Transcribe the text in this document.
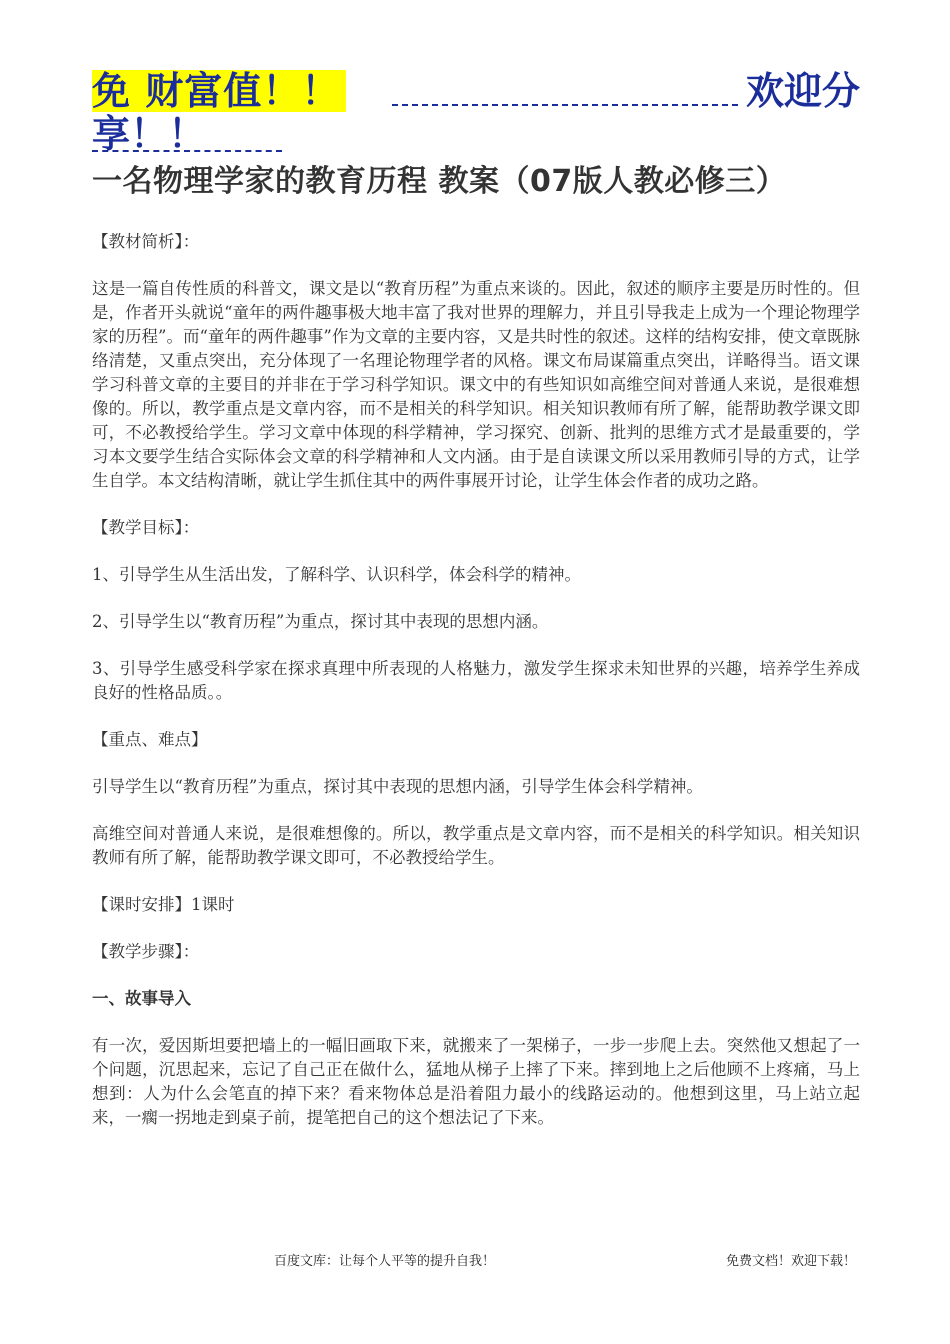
免 财富值！！	欢迎分
享！！
一名物理学家的教育历程 教案（07版人教必修三）

【教材简析】：

这是一篇自传性质的科普文，课文是以“教育历程”为重点来谈的。因此，叙述的顺序主要是历时性的。但是，作者开头就说“童年的两件趣事极大地丰富了我对世界的理解力，并且引导我走上成为一个理论物理学家的历程”。而“童年的两件趣事”作为文章的主要内容，又是共时性的叙述。这样的结构安排，使文章既脉络清楚，又重点突出，充分体现了一名理论物理学者的风格。课文布局谋篇重点突出，详略得当。语文课学习科普文章的主要目的并非在于学习科学知识。课文中的有些知识如高维空间对普通人来说，是很难想像的。所以，教学重点是文章内容，而不是相关的科学知识。相关知识教师有所了解，能帮助教学课文即可，不必教授给学生。学习文章中体现的科学精神，学习探究、创新、批判的思维方式才是最重要的，学习本文要学生结合实际体会文章的科学精神和人文内涵。由于是自读课文所以采用教师引导的方式，让学生自学。本文结构清晰，就让学生抓住其中的两件事展开讨论，让学生体会作者的成功之路。

【教学目标】：

1、引导学生从生活出发，了解科学、认识科学，体会科学的精神。

2、引导学生以“教育历程”为重点，探讨其中表现的思想内涵。

3、引导学生感受科学家在探求真理中所表现的人格魅力，激发学生探求未知世界的兴趣，培养学生养成良好的性格品质。。

【重点、难点】

引导学生以“教育历程”为重点，探讨其中表现的思想内涵，引导学生体会科学精神。

高维空间对普通人来说，是很难想像的。所以，教学重点是文章内容，而不是相关的科学知识。相关知识教师有所了解，能帮助教学课文即可，不必教授给学生。

【课时安排】1课时

【教学步骤】：

一、故事导入

有一次，爱因斯坦要把墙上的一幅旧画取下来，就搬来了一架梯子，一步一步爬上去。突然他又想起了一个问题，沉思起来，忘记了自己正在做什么，猛地从梯子上摔了下来。摔到地上之后他顾不上疼痛，马上想到：人为什么会笔直的掉下来？看来物体总是沿着阻力最小的线路运动的。他想到这里，马上站立起来，一瘸一拐地走到桌子前，提笔把自己的这个想法记了下来。

百度文库：让每个人平等的提升自我！	免费文档！欢迎下载！
